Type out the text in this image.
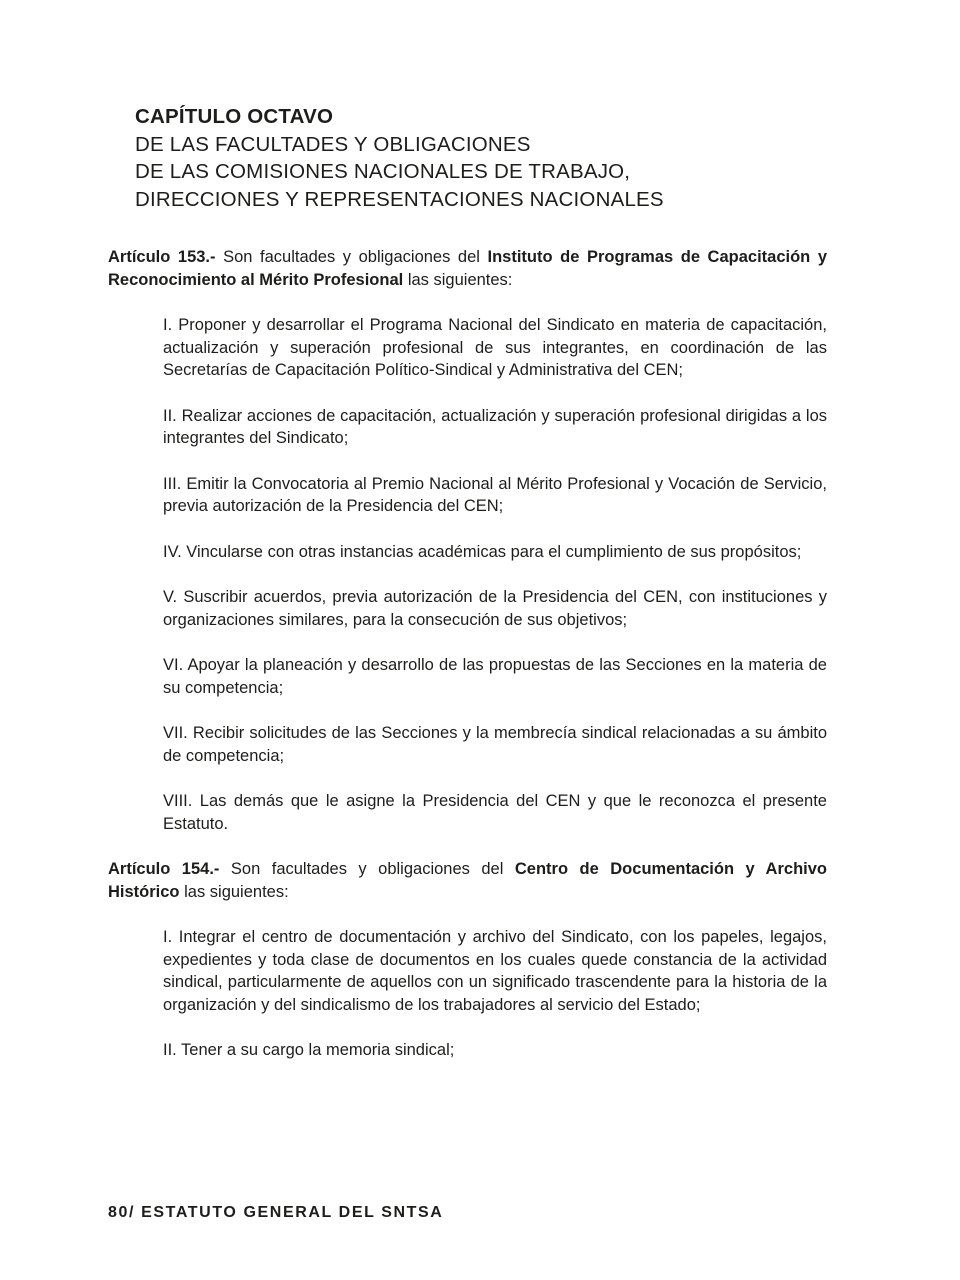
CAPÍTULO OCTAVO
DE LAS FACULTADES Y OBLIGACIONES
DE LAS COMISIONES NACIONALES DE TRABAJO,
DIRECCIONES Y REPRESENTACIONES NACIONALES

Artículo 153.- Son facultades y obligaciones del Instituto de Programas de Capacitación y Reconocimiento al Mérito Profesional las siguientes:

I. Proponer y desarrollar el Programa Nacional del Sindicato en materia de capacitación, actualización y superación profesional de sus integrantes, en coordinación de las Secretarías de Capacitación Político-Sindical y Administrativa del CEN;

II. Realizar acciones de capacitación, actualización y superación profesional dirigidas a los integrantes del Sindicato;

III. Emitir la Convocatoria al Premio Nacional al Mérito Profesional y Vocación de Servicio, previa autorización de la Presidencia del CEN;

IV. Vincularse con otras instancias académicas para el cumplimiento de sus propósitos;

V. Suscribir acuerdos, previa autorización de la Presidencia del CEN, con instituciones y organizaciones similares, para la consecución de sus objetivos;

VI. Apoyar la planeación y desarrollo de las propuestas de las Secciones en la materia de su competencia;

VII. Recibir solicitudes de las Secciones y la membrecía sindical relacionadas a su ámbito de competencia;

VIII. Las demás que le asigne la Presidencia del CEN y que le reconozca el presente Estatuto.

Artículo 154.- Son facultades y obligaciones del Centro de Documentación y Archivo Histórico las siguientes:

I. Integrar el centro de documentación y archivo del Sindicato, con los papeles, legajos, expedientes y toda clase de documentos en los cuales quede constancia de la actividad sindical, particularmente de aquellos con un significado trascendente para la historia de la organización y del sindicalismo de los trabajadores al servicio del Estado;

II. Tener a su cargo la memoria sindical;

80/ ESTATUTO GENERAL DEL SNTSA
